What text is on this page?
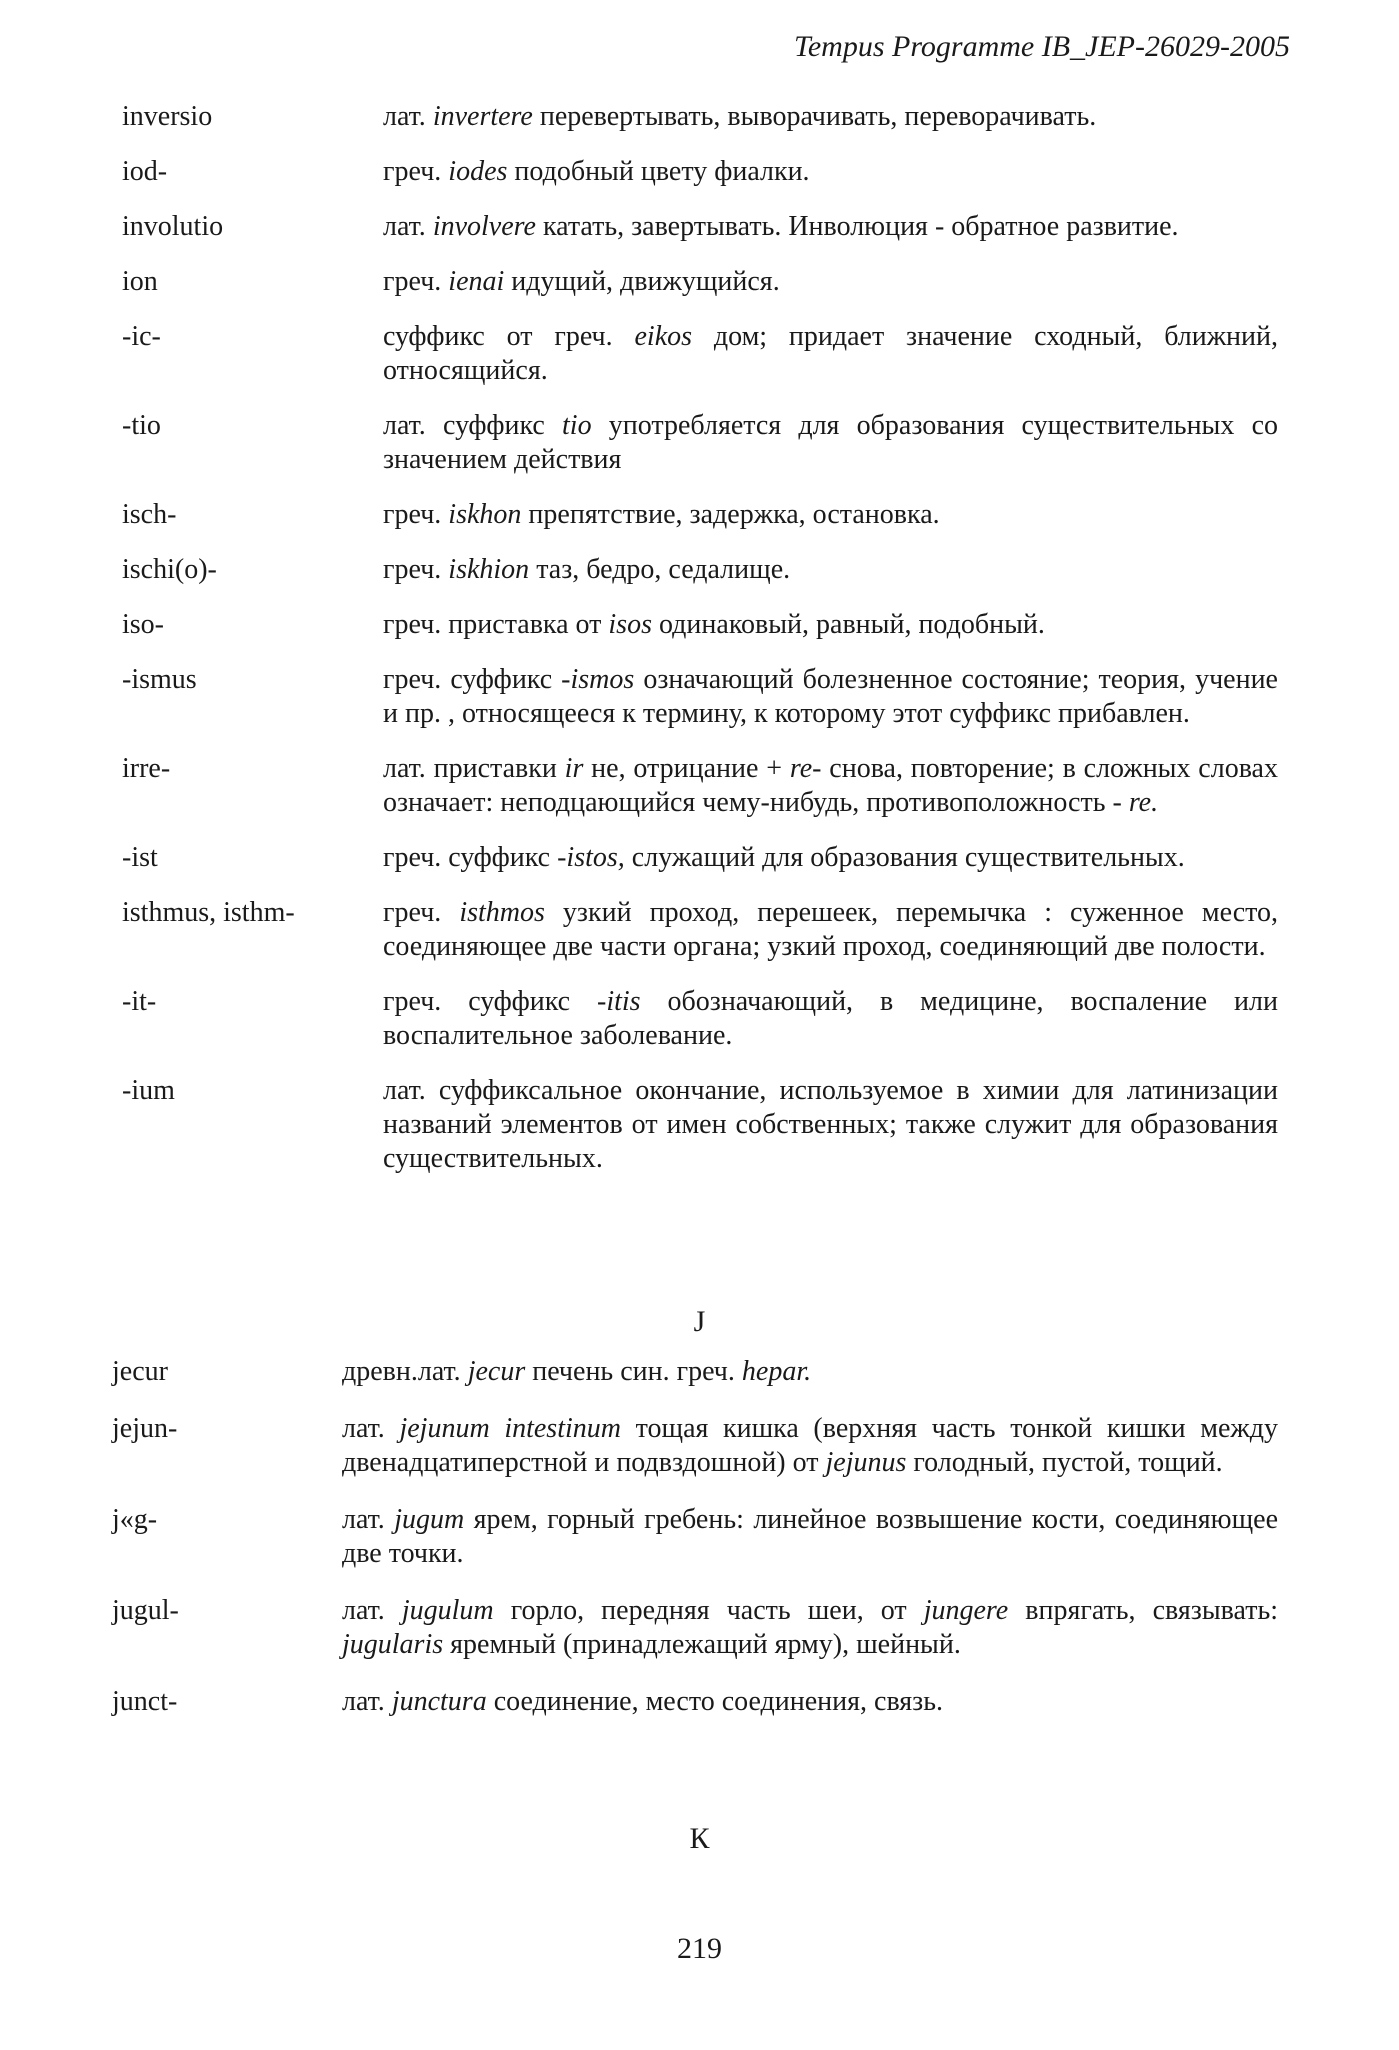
Tempus Programme IB_JEP-26029-2005
inversio	лат. invertere перевертывать, выворачивать, переворачивать.
iod-	греч. iodes подобный цвету фиалки.
involutio	лат. involvere катать, завертывать. Инволюция - обратное развитие.
ion	греч. ienai идущий, движущийся.
-ic-	суффикс от греч. eikos дом; придает значение сходный, ближний, относящийся.
-tio	лат. суффикс tio употребляется для образования существительных со значением действия
isch-	греч. iskhon препятствие, задержка, остановка.
ischi(o)-	греч. iskhion таз, бедро, седалище.
iso-	греч. приставка от isos одинаковый, равный, подобный.
-ismus	греч. суффикс -ismos означающий болезненное состояние; теория, учение и пр. , относящееся к термину, к которому этот суффикс прибавлен.
irre-	лат. приставки ir не, отрицание + re- снова, повторение; в сложных словах означает: неподцающийся чему-нибудь, противоположность - re.
-ist	греч. суффикс -istos, служащий для образования существительных.
isthmus, isthm-	греч. isthmos узкий проход, перешеек, перемычка : суженное место, соединяющее две части органа; узкий проход, соединяющий две полости.
-it-	греч. суффикс -itis обозначающий, в медицине, воспаление или воспалительное заболевание.
-ium	лат. суффиксальное окончание, используемое в химии для латинизации названий элементов от имен собственных; также служит для образования существительных.
J
jecur	древн.лат. jecur печень син. греч. hepar.
jejun-	лат. jejunum intestinum тощая кишка (верхняя часть тонкой кишки между двенадцатиперстной и подвздошной) от jejunus голодный, пустой, тощий.
j«g-	лат. jugum ярем, горный гребень: линейное возвышение кости, соединяющее две точки.
jugul-	лат. jugulum горло, передняя часть шеи, от jungere впрягать, связывать: jugularis яремный (принадлежащий ярму), шейный.
junct-	лат. junctura соединение, место соединения, связь.
К
219
